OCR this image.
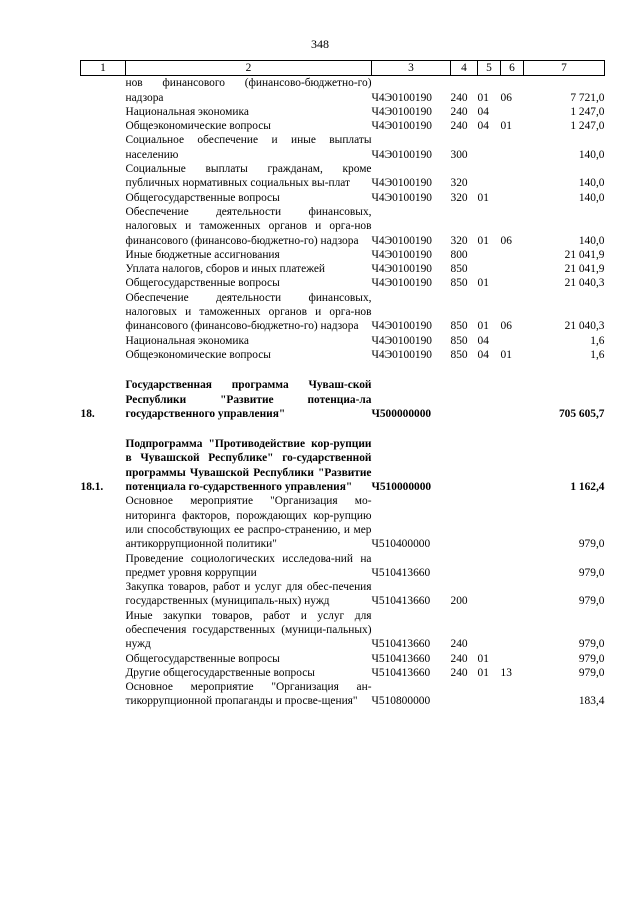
348
1	2	3	4	5	6	7
	нов финансового (финансово-бюджетно-го) надзора	Ч4Э0100190	240	01	06	7 721,0
	Национальная экономика	Ч4Э0100190	240	04		1 247,0
	Общеэкономические вопросы	Ч4Э0100190	240	04	01	1 247,0
	Социальное обеспечение и иные выплаты населению	Ч4Э0100190	300			140,0
	Социальные выплаты гражданам, кроме публичных нормативных социальных вы-плат	Ч4Э0100190	320			140,0
	Общегосударственные вопросы	Ч4Э0100190	320	01		140,0
	Обеспечение деятельности финансовых, налоговых и таможенных органов и орга-нов финансового (финансово-бюджетно-го) надзора	Ч4Э0100190	320	01	06	140,0
	Иные бюджетные ассигнования	Ч4Э0100190	800			21 041,9
	Уплата налогов, сборов и иных платежей	Ч4Э0100190	850			21 041,9
	Общегосударственные вопросы	Ч4Э0100190	850	01		21 040,3
	Обеспечение деятельности финансовых, налоговых и таможенных органов и орга-нов финансового (финансово-бюджетно-го) надзора	Ч4Э0100190	850	01	06	21 040,3
	Национальная экономика	Ч4Э0100190	850	04		1,6
	Общеэкономические вопросы	Ч4Э0100190	850	04	01	1,6

18.	Государственная программа Чуваш-ской Республики "Развитие потенциа-ла государственного управления"	Ч500000000				705 605,7

18.1.	Подпрограмма "Противодействие кор-рупции в Чувашской Республике" го-сударственной программы Чувашской Республики "Развитие потенциала го-сударственного управления"	Ч510000000				1 162,4
	Основное мероприятие "Организация мо-ниторинга факторов, порождающих кор-рупцию или способствующих ее распро-странению, и мер антикоррупционной политики"	Ч510400000				979,0
	Проведение социологических исследова-ний на предмет уровня коррупции	Ч510413660				979,0
	Закупка товаров, работ и услуг для обес-печения государственных (муниципаль-ных) нужд	Ч510413660	200			979,0
	Иные закупки товаров, работ и услуг для обеспечения государственных (муници-пальных) нужд	Ч510413660	240			979,0
	Общегосударственные вопросы	Ч510413660	240	01		979,0
	Другие общегосударственные вопросы	Ч510413660	240	01	13	979,0
	Основное мероприятие "Организация ан-тикоррупционной пропаганды и просве-щения"	Ч510800000				183,4
